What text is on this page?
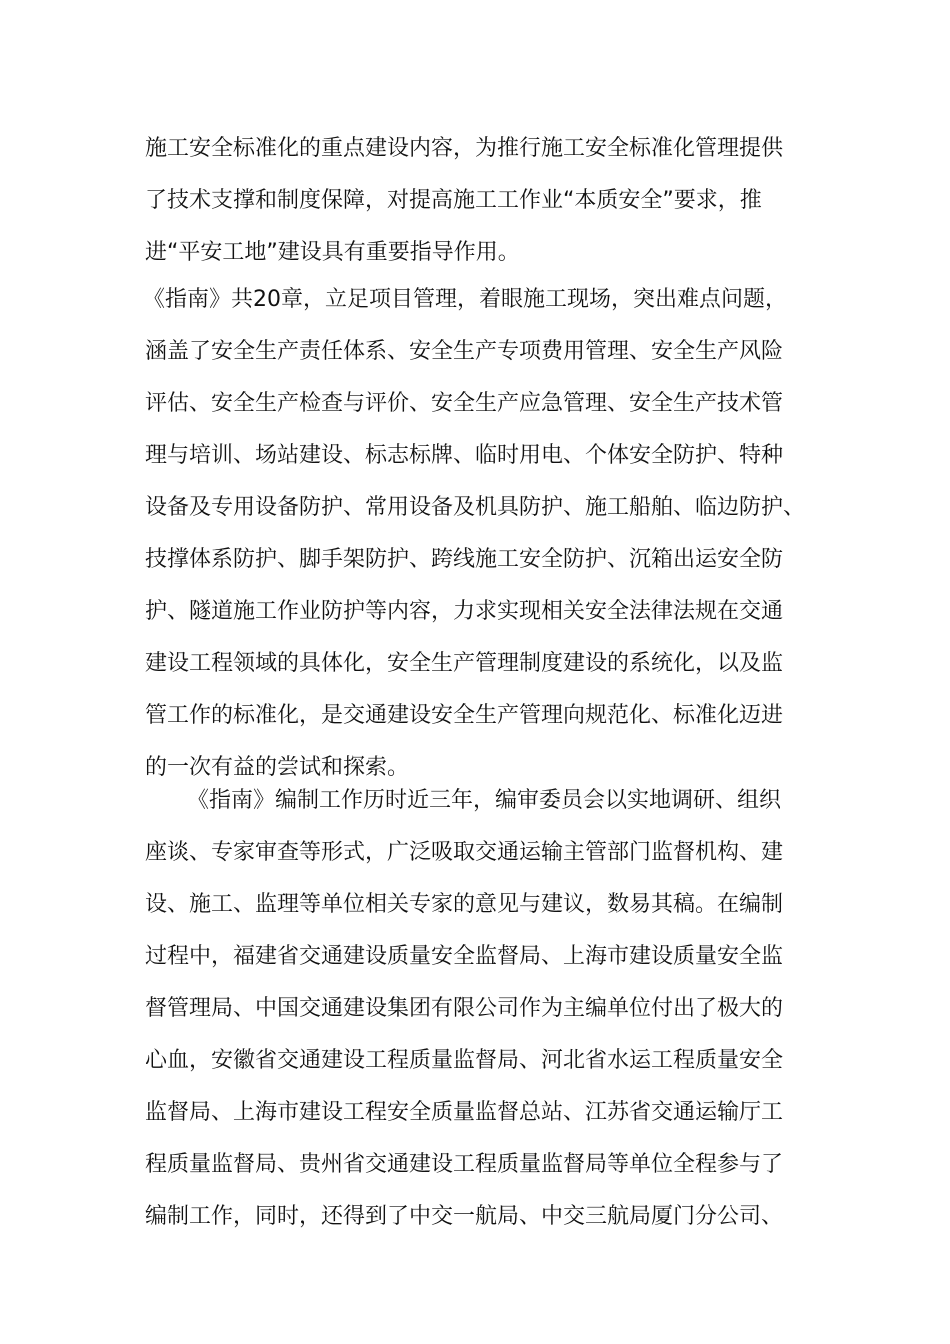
施工安全标准化的重点建设内容，为推行施工安全标准化管理提供
了技术支撑和制度保障，对提高施工工作业“本质安全”要求，推
进“平安工地”建设具有重要指导作用。
《指南》共20章，立足项目管理，着眼施工现场，突出难点问题，
涵盖了安全生产责任体系、安全生产专项费用管理、安全生产风险
评估、安全生产检查与评价、安全生产应急管理、安全生产技术管
理与培训、场站建设、标志标牌、临时用电、个体安全防护、特种
设备及专用设备防护、常用设备及机具防护、施工船舶、临边防护、
技撑体系防护、脚手架防护、跨线施工安全防护、沉箱出运安全防
护、隧道施工作业防护等内容，力求实现相关安全法律法规在交通
建设工程领域的具体化，安全生产管理制度建设的系统化，以及监
管工作的标准化，是交通建设安全生产管理向规范化、标准化迈进
的一次有益的尝试和探索。
《指南》编制工作历时近三年，编审委员会以实地调研、组织
座谈、专家审查等形式，广泛吸取交通运输主管部门监督机构、建
设、施工、监理等单位相关专家的意见与建议，数易其稿。在编制
过程中，福建省交通建设质量安全监督局、上海市建设质量安全监
督管理局、中国交通建设集团有限公司作为主编单位付出了极大的
心血，安徽省交通建设工程质量监督局、河北省水运工程质量安全
监督局、上海市建设工程安全质量监督总站、江苏省交通运输厅工
程质量监督局、贵州省交通建设工程质量监督局等单位全程参与了
编制工作，同时，还得到了中交一航局、中交三航局厦门分公司、
